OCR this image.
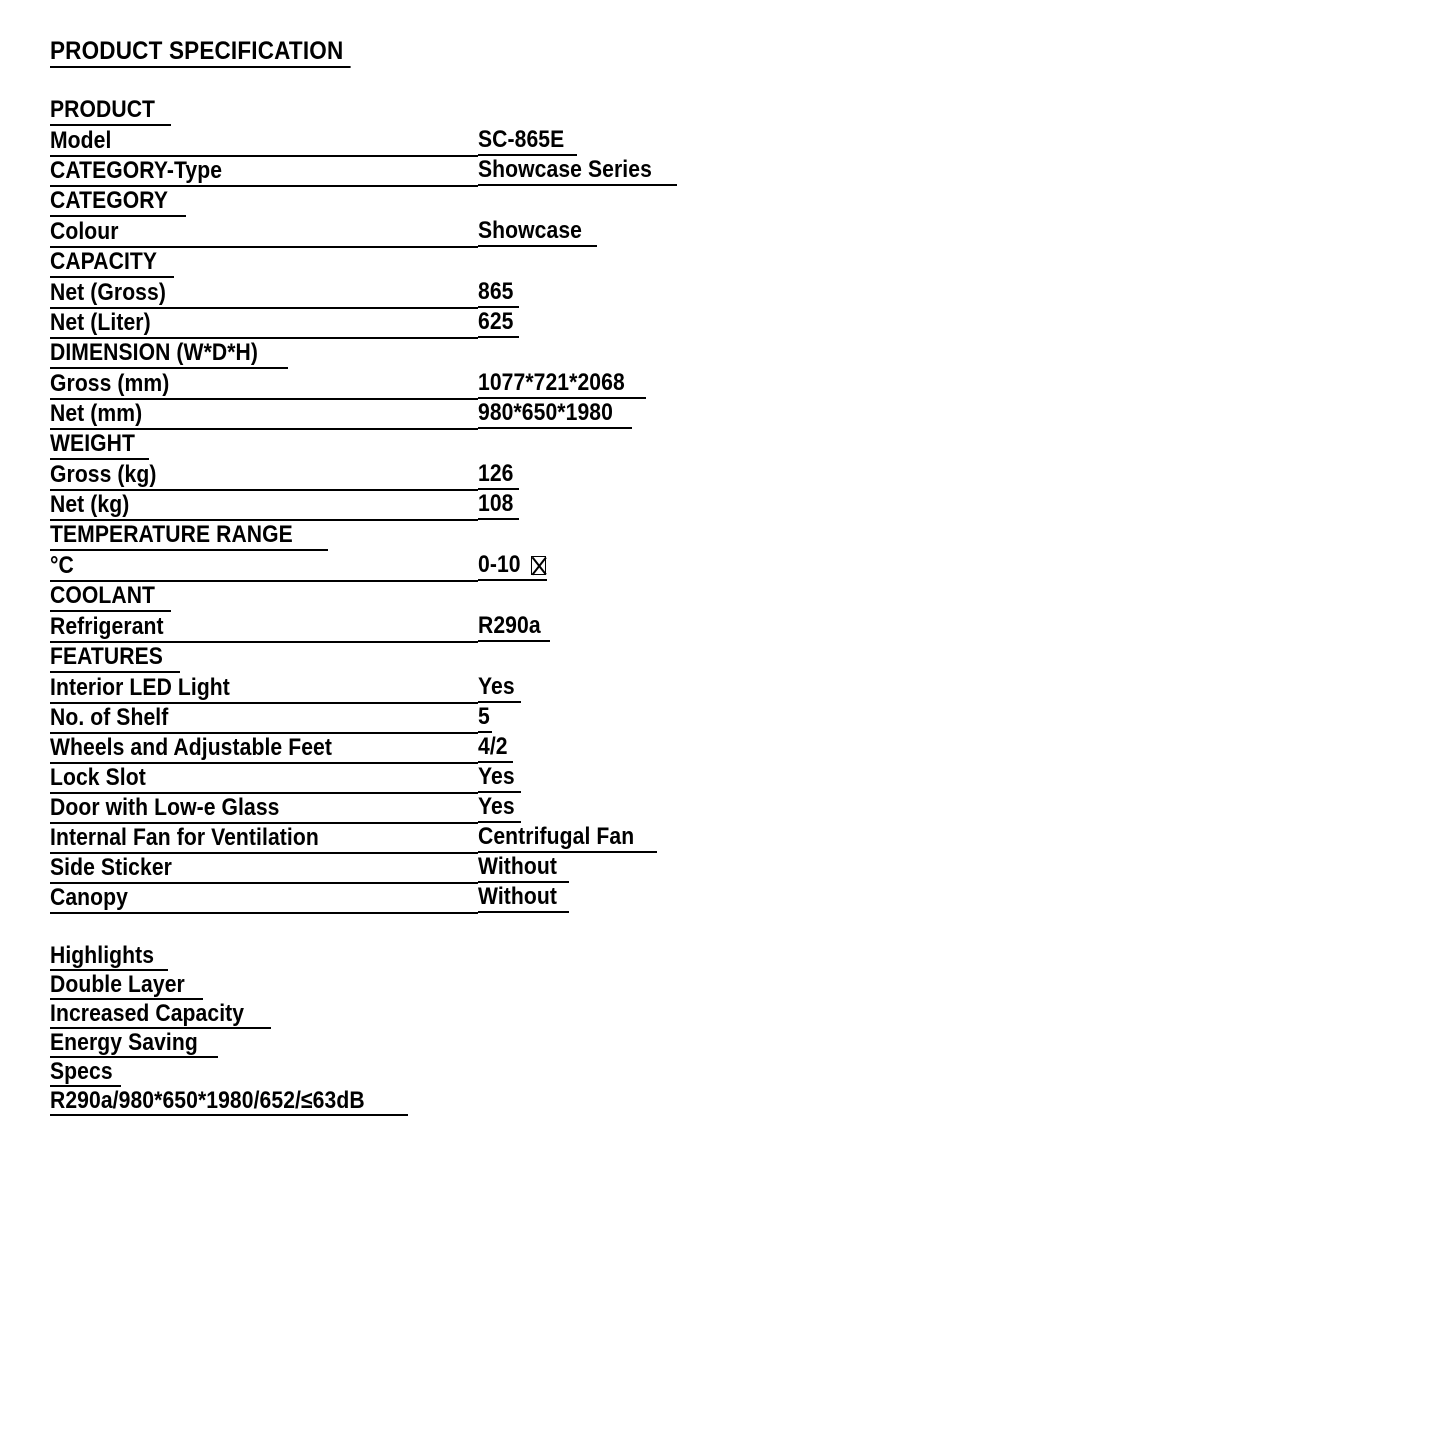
PRODUCT SPECIFICATION
PRODUCT	
Model	SC-865E
CATEGORY-Type	Showcase Series
CATEGORY	
Colour	Showcase
CAPACITY	
Net (Gross)	865
Net (Liter)	625
DIMENSION (W*D*H)	
Gross (mm)	1077*721*2068
Net (mm)	980*650*1980
WEIGHT	
Gross (kg)	126
Net (kg)	108
TEMPERATURE RANGE	
°C	0-10
COOLANT	
Refrigerant	R290a
FEATURES	
Interior LED Light	Yes
No. of Shelf	5
Wheels and Adjustable Feet	4/2
Lock Slot	Yes
Door with Low-e Glass	Yes
Internal Fan for Ventilation	Centrifugal Fan
Side Sticker	Without
Canopy	Without

Highlights
Double Layer
Increased Capacity
Energy Saving
Specs
R290a/980*650*1980/652/≤63dB
